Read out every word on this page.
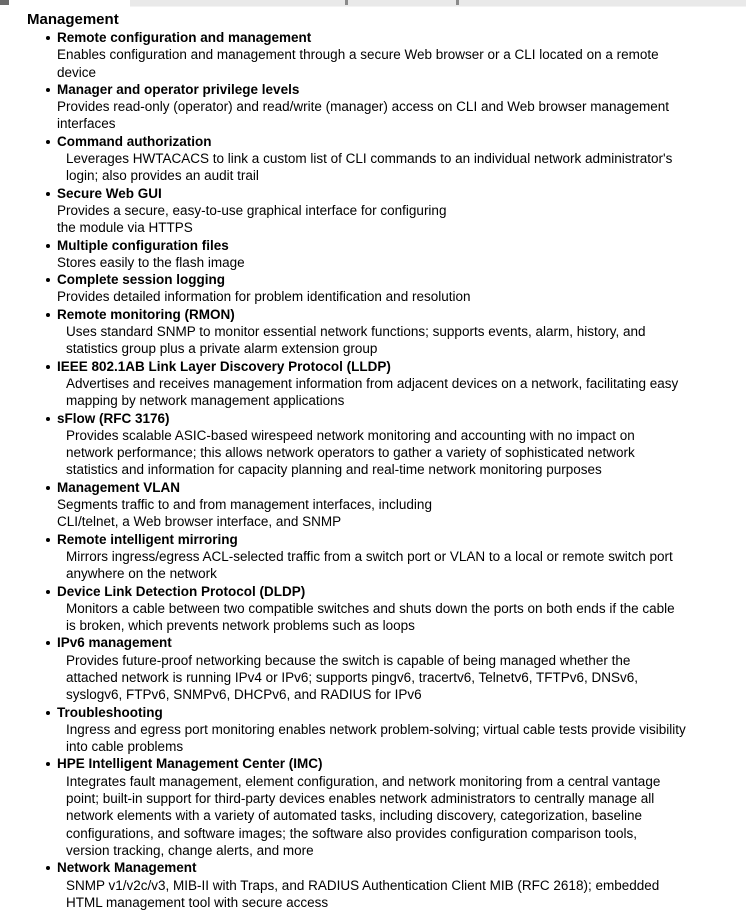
Management
Remote configuration and management
Enables configuration and management through a secure Web browser or a CLI located on a remote
device
Manager and operator privilege levels
Provides read-only (operator) and read/write (manager) access on CLI and Web browser management
interfaces
Command authorization
Leverages HWTACACS to link a custom list of CLI commands to an individual network administrator's
login; also provides an audit trail
Secure Web GUI
Provides a secure, easy-to-use graphical interface for configuring
the module via HTTPS
Multiple configuration files
Stores easily to the flash image
Complete session logging
Provides detailed information for problem identification and resolution
Remote monitoring (RMON)
Uses standard SNMP to monitor essential network functions; supports events, alarm, history, and
statistics group plus a private alarm extension group
IEEE 802.1AB Link Layer Discovery Protocol (LLDP)
Advertises and receives management information from adjacent devices on a network, facilitating easy
mapping by network management applications
sFlow (RFC 3176)
Provides scalable ASIC-based wirespeed network monitoring and accounting with no impact on
network performance; this allows network operators to gather a variety of sophisticated network
statistics and information for capacity planning and real-time network monitoring purposes
Management VLAN
Segments traffic to and from management interfaces, including
CLI/telnet, a Web browser interface, and SNMP
Remote intelligent mirroring
Mirrors ingress/egress ACL-selected traffic from a switch port or VLAN to a local or remote switch port
anywhere on the network
Device Link Detection Protocol (DLDP)
Monitors a cable between two compatible switches and shuts down the ports on both ends if the cable
is broken, which prevents network problems such as loops
IPv6 management
Provides future-proof networking because the switch is capable of being managed whether the
attached network is running IPv4 or IPv6; supports pingv6, tracertv6, Telnetv6, TFTPv6, DNSv6,
syslogv6, FTPv6, SNMPv6, DHCPv6, and RADIUS for IPv6
Troubleshooting
Ingress and egress port monitoring enables network problem-solving; virtual cable tests provide visibility
into cable problems
HPE Intelligent Management Center (IMC)
Integrates fault management, element configuration, and network monitoring from a central vantage
point; built-in support for third-party devices enables network administrators to centrally manage all
network elements with a variety of automated tasks, including discovery, categorization, baseline
configurations, and software images; the software also provides configuration comparison tools,
version tracking, change alerts, and more
Network Management
SNMP v1/v2c/v3, MIB-II with Traps, and RADIUS Authentication Client MIB (RFC 2618); embedded
HTML management tool with secure access
